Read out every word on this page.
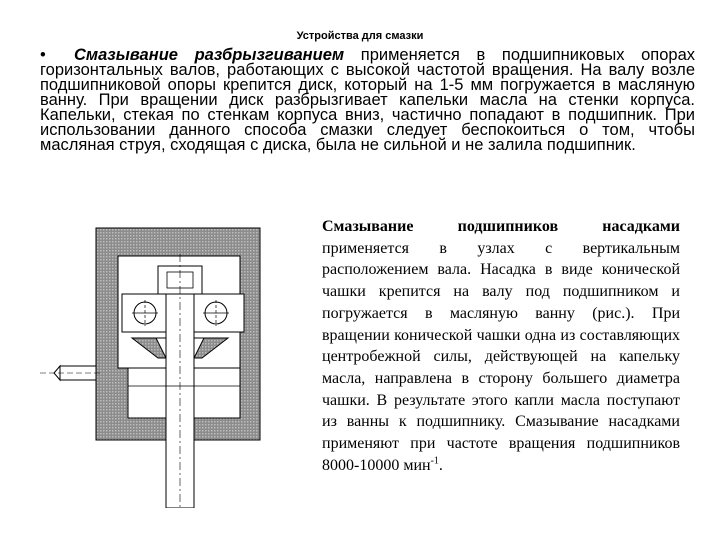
Устройства для смазки
• Смазывание разбрызгиванием применяется в подшипниковых опорах горизонтальных валов, работающих с высокой частотой вращения. На валу возле подшипниковой опоры крепится диск, который на 1-5 мм погружается в масляную ванну. При вращении диск разбрызгивает капельки масла на стенки корпуса. Капельки, стекая по стенкам корпуса вниз, частично попадают в подшипник. При использовании данного способа смазки следует беспокоиться о том, чтобы масляная струя, сходящая с диска, была не сильной и не залила подшипник.
Смазывание подшипников насадками применяется в узлах с вертикальным расположением вала. Насадка в виде конической чашки крепится на валу под подшипником и погружается в масляную ванну (рис.). При вращении конической чашки одна из составляющих центробежной силы, действующей на капельку масла, направлена в сторону большего диаметра чашки. В результате этого капли масла поступают из ванны к подшипнику. Смазывание насадками применяют при частоте вращения подшипников 8000-10000 мин$^{-1}$.
